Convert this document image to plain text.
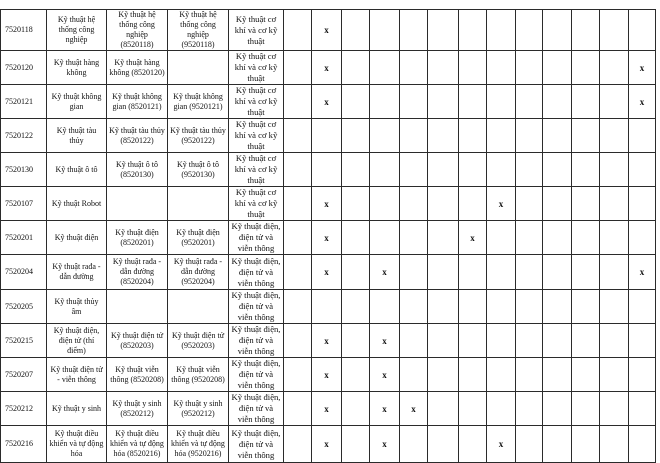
7520118	Kỹ thuật hệ thống công nghiệp	Kỹ thuật hệ thống công nghiệp (8520118)	Kỹ thuật hệ thống công nghiệp (9520118)	Kỹ thuật cơ khí và cơ kỹ thuật		x											
7520120	Kỹ thuật hàng không	Kỹ thuật hàng không (8520120)		Kỹ thuật cơ khí và cơ kỹ thuật		x											x
7520121	Kỹ thuật không gian	Kỹ thuật không gian (8520121)	Kỹ thuật không gian (9520121)	Kỹ thuật cơ khí và cơ kỹ thuật		x											x
7520122	Kỹ thuật tàu thủy	Kỹ thuật tàu thủy (8520122)	Kỹ thuật tàu thủy (9520122)	Kỹ thuật cơ khí và cơ kỹ thuật													
7520130	Kỹ thuật ô tô	Kỹ thuật ô tô (8520130)	Kỹ thuật ô tô (9520130)	Kỹ thuật cơ khí và cơ kỹ thuật													
7520107	Kỹ thuật Robot			Kỹ thuật cơ khí và cơ kỹ thuật		x						x					
7520201	Kỹ thuật điện	Kỹ thuật điện (8520201)	Kỹ thuật điện (9520201)	Kỹ thuật điện, điện tử và viễn thông		x					x						
7520204	Kỹ thuật rađa - dẫn đường	Kỹ thuật rađa - dẫn đường (8520204)	Kỹ thuật rađa - dẫn đường (9520204)	Kỹ thuật điện, điện tử và viễn thông		x		x									x
7520205	Kỹ thuật thủy âm			Kỹ thuật điện, điện tử và viễn thông													
7520215	Kỹ thuật điện, điện tử (thí điểm)	Kỹ thuật điện tử (8520203)	Kỹ thuật điện tử (9520203)	Kỹ thuật điện, điện tử và viễn thông		x		x									
7520207	Kỹ thuật điện tử - viễn thông	Kỹ thuật viễn thông (8520208)	Kỹ thuật viễn thông (9520208)	Kỹ thuật điện, điện tử và viễn thông		x		x									
7520212	Kỹ thuật y sinh	Kỹ thuật y sinh (8520212)	Kỹ thuật y sinh (9520212)	Kỹ thuật điện, điện tử và viễn thông		x		x	x								
7520216	Kỹ thuật điều khiển và tự động hóa	Kỹ thuật điều khiển và tự động hóa (8520216)	Kỹ thuật điều khiển và tự động hóa (9520216)	Kỹ thuật điện, điện tử và viễn thông		x		x				x					
